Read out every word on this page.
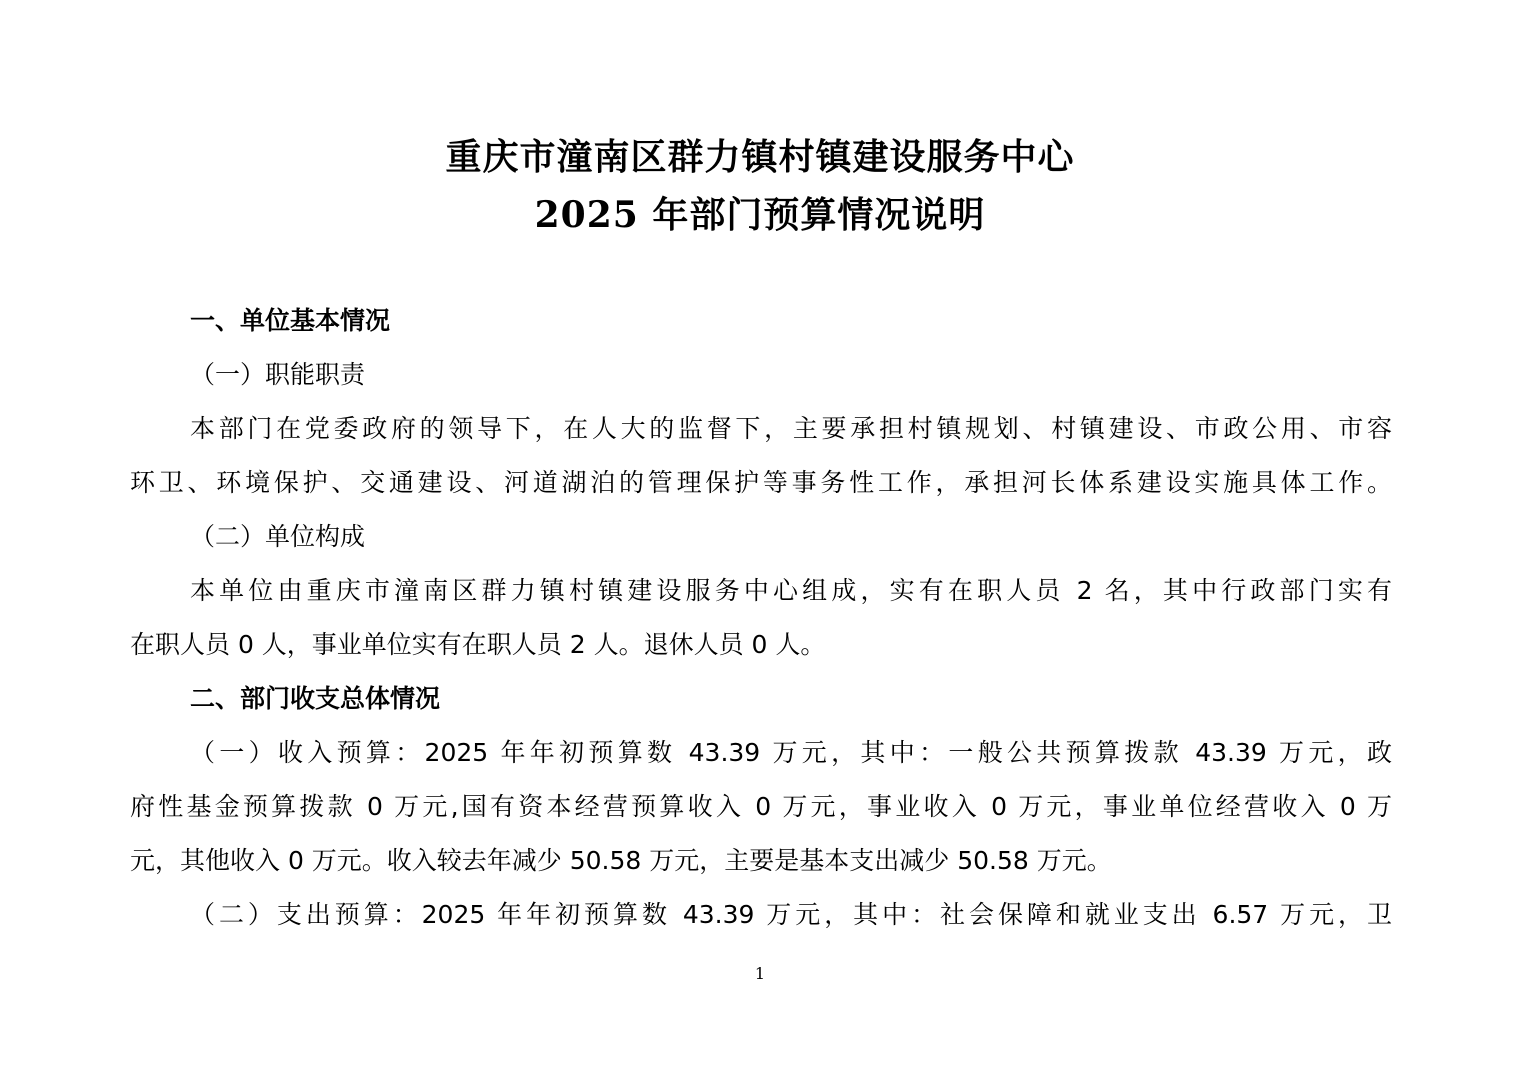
重庆市潼南区群力镇村镇建设服务中心
2025 年部门预算情况说明
一、单位基本情况
（一）职能职责
本部门在党委政府的领导下，在人大的监督下，主要承担村镇规划、村镇建设、市政公用、市容
环卫、环境保护、交通建设、河道湖泊的管理保护等事务性工作，承担河长体系建设实施具体工作。
（二）单位构成
本单位由重庆市潼南区群力镇村镇建设服务中心组成，实有在职人员 2 名，其中行政部门实有
在职人员 0 人，事业单位实有在职人员 2 人。退休人员 0 人。
二、部门收支总体情况
（一）收入预算：2025 年年初预算数 43.39 万元，其中：一般公共预算拨款 43.39 万元，政
府性基金预算拨款 0 万元,国有资本经营预算收入 0 万元，事业收入 0 万元，事业单位经营收入 0 万
元，其他收入 0 万元。收入较去年减少 50.58 万元，主要是基本支出减少 50.58 万元。
（二）支出预算：2025 年年初预算数 43.39 万元，其中：社会保障和就业支出 6.57 万元，卫
1
